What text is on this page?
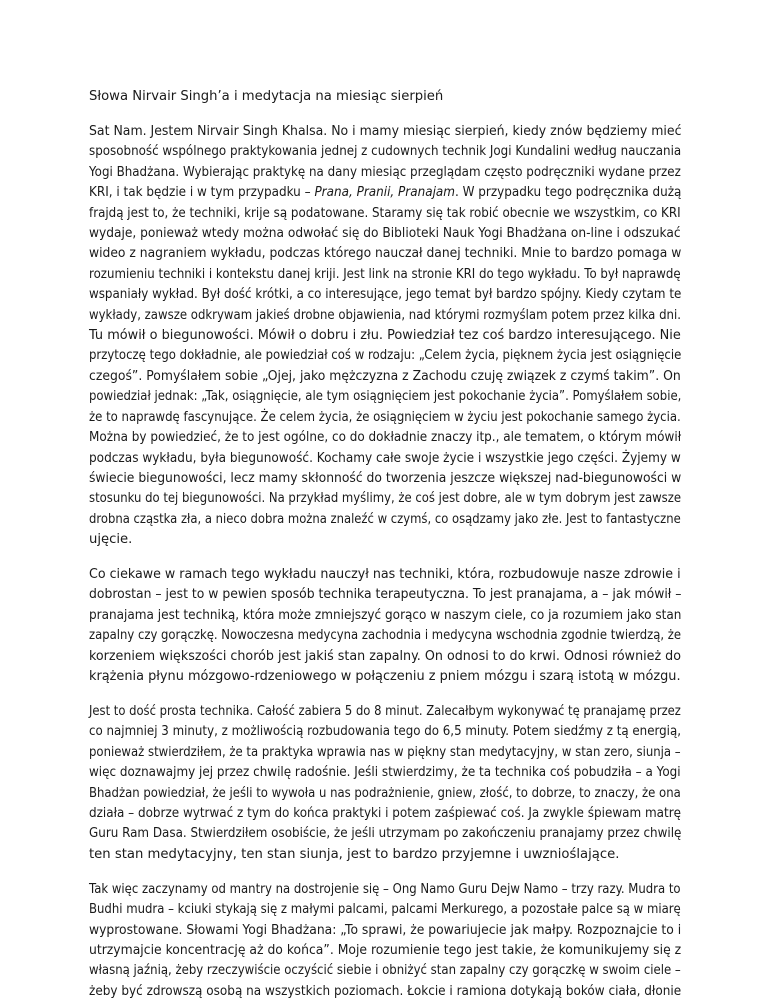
Słowa Nirvair Singh’a i medytacja na miesiąc sierpień

Sat Nam. Jestem Nirvair Singh Khalsa. No i mamy miesiąc sierpień, kiedy znów będziemy mieć
sposobność wspólnego praktykowania jednej z cudownych technik Jogi Kundalini według nauczania
Yogi Bhadżana. Wybierając praktykę na dany miesiąc przeglądam często podręczniki wydane przez
KRI, i tak będzie i w tym przypadku – Prana, Pranii, Pranajam. W przypadku tego podręcznika dużą
frajdą jest to, że techniki, krije są podatowane. Staramy się tak robić obecnie we wszystkim, co KRI
wydaje, ponieważ wtedy można odwołać się do Biblioteki Nauk Yogi Bhadżana on-line i odszukać
wideo z nagraniem wykładu, podczas którego nauczał danej techniki. Mnie to bardzo pomaga w
rozumieniu techniki i kontekstu danej kriji. Jest link na stronie KRI do tego wykładu. To był naprawdę
wspaniały wykład. Był dość krótki, a co interesujące, jego temat był bardzo spójny. Kiedy czytam te
wykłady, zawsze odkrywam jakieś drobne objawienia, nad którymi rozmyślam potem przez kilka dni.
Tu mówił o biegunowości. Mówił o dobru i złu. Powiedział tez coś bardzo interesującego. Nie
przytoczę tego dokładnie, ale powiedział coś w rodzaju: „Celem życia, pięknem życia jest osiągnięcie
czegoś”. Pomyślałem sobie „Ojej, jako mężczyzna z Zachodu czuję związek z czymś takim”. On
powiedział jednak: „Tak, osiągnięcie, ale tym osiągnięciem jest pokochanie życia”. Pomyślałem sobie,
że to naprawdę fascynujące. Że celem życia, że osiągnięciem w życiu jest pokochanie samego życia.
Można by powiedzieć, że to jest ogólne, co do dokładnie znaczy itp., ale tematem, o którym mówił
podczas wykładu, była biegunowość. Kochamy całe swoje życie i wszystkie jego części. Żyjemy w
świecie biegunowości, lecz mamy skłonność do tworzenia jeszcze większej nad-biegunowości w
stosunku do tej biegunowości. Na przykład myślimy, że coś jest dobre, ale w tym dobrym jest zawsze
drobna cząstka zła, a nieco dobra można znaleźć w czymś, co osądzamy jako złe. Jest to fantastyczne
ujęcie.

Co ciekawe w ramach tego wykładu nauczył nas techniki, która, rozbudowuje nasze zdrowie i
dobrostan – jest to w pewien sposób technika terapeutyczna. To jest pranajama, a – jak mówił –
pranajama jest techniką, która może zmniejszyć gorąco w naszym ciele, co ja rozumiem jako stan
zapalny czy gorączkę. Nowoczesna medycyna zachodnia i medycyna wschodnia zgodnie twierdzą, że
korzeniem większości chorób jest jakiś stan zapalny. On odnosi to do krwi. Odnosi również do
krążenia płynu mózgowo-rdzeniowego w połączeniu z pniem mózgu i szarą istotą w mózgu.

Jest to dość prosta technika. Całość zabiera 5 do 8 minut. Zalecałbym wykonywać tę pranajamę przez
co najmniej 3 minuty, z możliwością rozbudowania tego do 6,5 minuty. Potem siedźmy z tą energią,
ponieważ stwierdziłem, że ta praktyka wprawia nas w piękny stan medytacyjny, w stan zero, siunja –
więc doznawajmy jej przez chwilę radośnie. Jeśli stwierdzimy, że ta technika coś pobudziła – a Yogi
Bhadżan powiedział, że jeśli to wywoła u nas podrażnienie, gniew, złość, to dobrze, to znaczy, że ona
działa – dobrze wytrwać z tym do końca praktyki i potem zaśpiewać coś. Ja zwykle śpiewam matrę
Guru Ram Dasa. Stwierdziłem osobiście, że jeśli utrzymam po zakończeniu pranajamy przez chwilę
ten stan medytacyjny, ten stan siunja, jest to bardzo przyjemne i uwznioślające.

Tak więc zaczynamy od mantry na dostrojenie się – Ong Namo Guru Dejw Namo – trzy razy. Mudra to
Budhi mudra – kciuki stykają się z małymi palcami, palcami Merkurego, a pozostałe palce są w miarę
wyprostowane. Słowami Yogi Bhadżana: „To sprawi, że powariujecie jak małpy. Rozpoznajcie to i
utrzymajcie koncentrację aż do końca”. Moje rozumienie tego jest takie, że komunikujemy się z
własną jaźnią, żeby rzeczywiście oczyścić siebie i obniżyć stan zapalny czy gorączkę w swoim ciele –
żeby być zdrowszą osobą na wszystkich poziomach. Łokcie i ramiona dotykają boków ciała, dłonie
